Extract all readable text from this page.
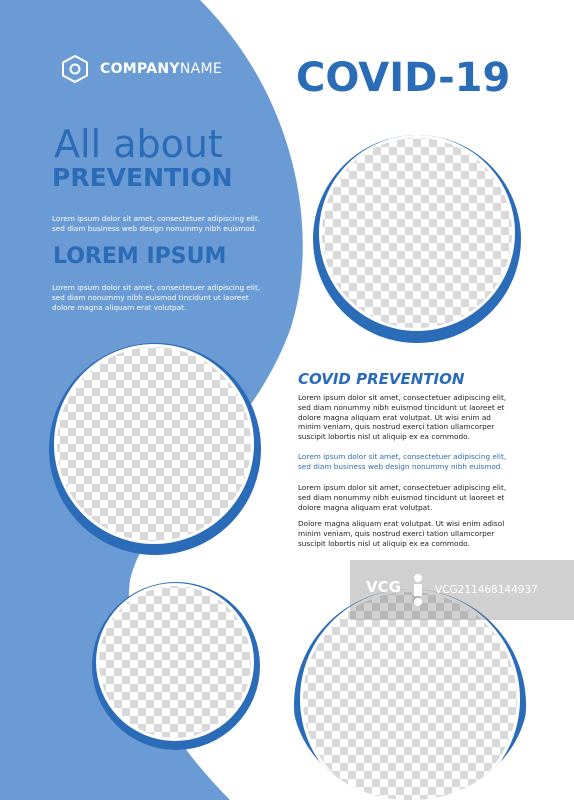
COMPANYNAME COVID-19
All about
PREVENTION
Lorem ipsum dolor sit amet, consectetuer adipiscing elit,
sed diam business web design nonummy nibh euismod.
LOREM IPSUM
Lorem ipsum dolor sit amet, consectetuer adipiscing elit,
sed diam nonummy nibh euismod tincidunt ut laoreet
dolore magna aliquam erat volutpat.
COVID PREVENTION
Lorem ipsum dolor sit amet, consectetuer adipiscing elit,
sed diam nonummy nibh euismod tincidunt ut laoreet et
dolore magna aliquam erat volutpat. Ut wisi enim ad
minim veniam, quis nostrud exerci tation ullamcorper
suscipit lobortis nisl ut aliquip ex ea commodo.
Lorem ipsum dolor sit amet, consectetuer adipiscing elit,
sed diam business web design nonummy nibh euismod.
Lorem ipsum dolor sit amet, consectetuer adipiscing elit,
sed diam nonummy nibh euismod tincidunt ut laoreet et
dolore magna aliquam erat volutpat.
Dolore magna aliquam erat volutpat. Ut wisi enim adisol
minim veniam, quis nostrud exerci tation ullamcorper
suscipit lobortis nisl ut aliquip ex ea commodo.
VCG	VCG211468144937
